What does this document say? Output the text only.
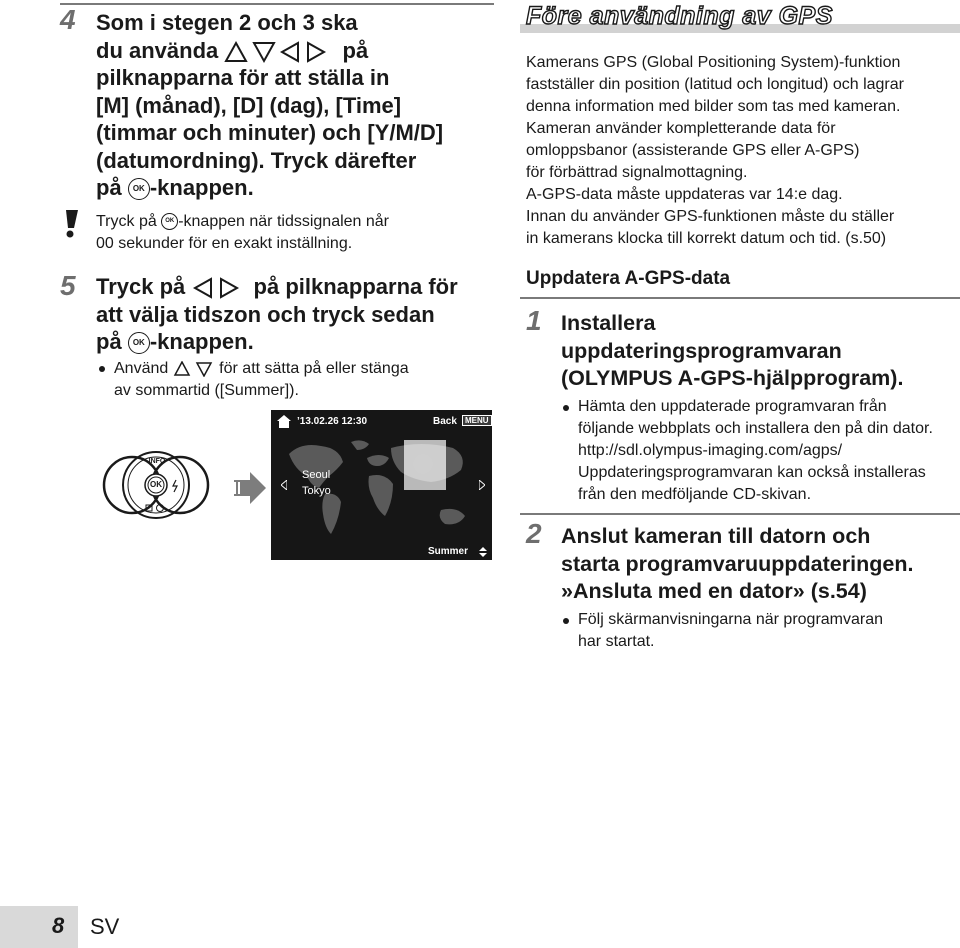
4 Som i stegen 2 och 3 ska
du använda	på
pilknapparna för att ställa in
[M] (månad), [D] (dag), [Time]
(timmar och minuter) och [Y/M/D]
(datumordning). Tryck därefter
på OK -knappen.
Tryck på OK -knappen när tidssignalen når
00 sekunder för en exakt inställning.
5 Tryck på	på pilknapparna för
att välja tidszon och tryck sedan
på OK -knappen.
Använd	för att sätta på eller stänga
av sommartid ([Summer]).
INFO
OK
’13.02.26 12:30	Back	MENU
Seoul
Tokyo
Summer
Före användning av GPS
Kamerans GPS (Global Positioning System)-funktion
fastställer din position (latitud och longitud) och lagrar
denna information med bilder som tas med kameran.
Kameran använder kompletterande data för
omloppsbanor (assisterande GPS eller A-GPS)
för förbättrad signalmottagning.
A-GPS-data måste uppdateras var 14:e dag.
Innan du använder GPS-funktionen måste du ställer
in kamerans klocka till korrekt datum och tid. (s.50)
Uppdatera A-GPS-data
1 Installera
uppdateringsprogramvaran
(OLYMPUS A-GPS-hjälpprogram).
Hämta den uppdaterade programvaran från
följande webbplats och installera den på din dator.
http://sdl.olympus-imaging.com/agps/
Uppdateringsprogramvaran kan också installeras
från den medföljande CD-skivan.
2 Anslut kameran till datorn och
starta programvaruuppdateringen.
»Ansluta med en dator» (s.54)
Följ skärmanvisningarna när programvaran
har startat.
8 SV
